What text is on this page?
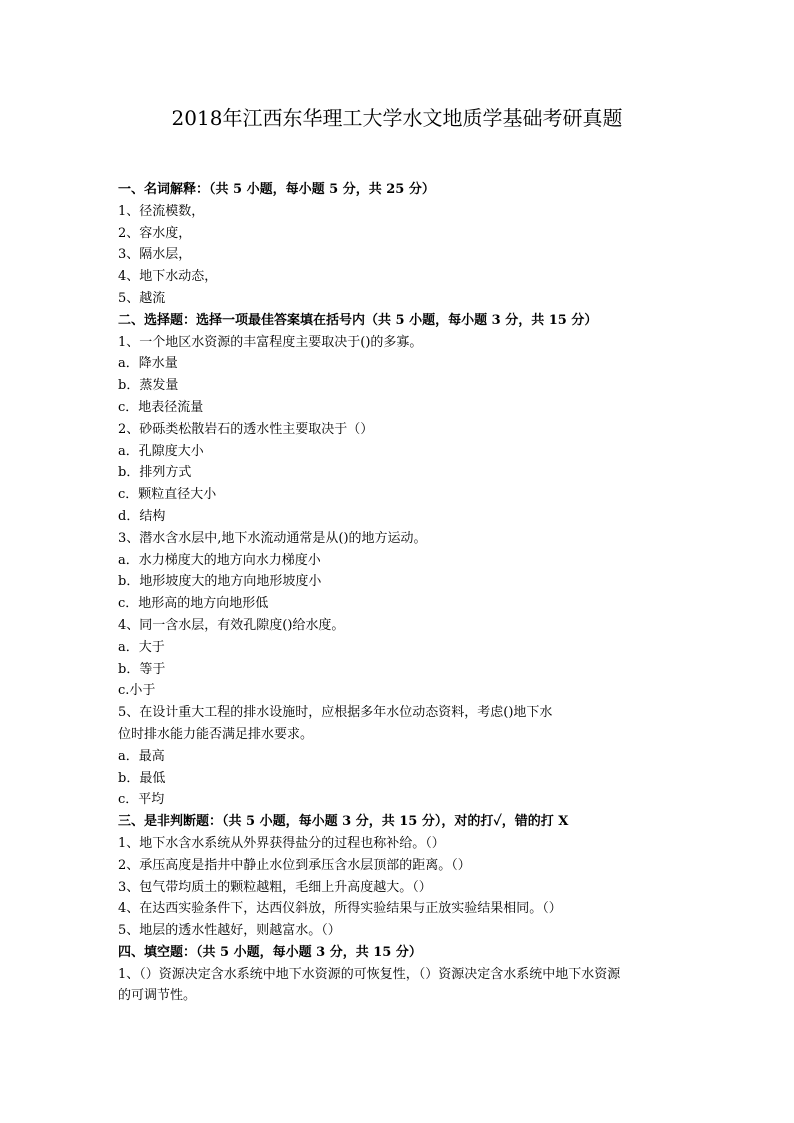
2018年江西东华理工大学水文地质学基础考研真题
一、名词解释：（共 5 小题，每小题 5 分，共 25 分）
1、径流模数，
2、容水度，
3、隔水层，
4、地下水动态，
5、越流
二、选择题：选择一项最佳答案填在括号内（共 5 小题，每小题 3 分，共 15 分）
1、一个地区水资源的丰富程度主要取决于()的多寡。
a．降水量
b．蒸发量
c．地表径流量
2、砂砾类松散岩石的透水性主要取决于（）
a．孔隙度大小
b．排列方式
c．颗粒直径大小
d．结构
3、潜水含水层中,地下水流动通常是从()的地方运动。
a．水力梯度大的地方向水力梯度小
b．地形坡度大的地方向地形坡度小
c．地形高的地方向地形低
4、同一含水层，有效孔隙度()给水度。
a．大于
b．等于
c.小于
5、在设计重大工程的排水设施时，应根据多年水位动态资料，考虑()地下水
位时排水能力能否满足排水要求。
a．最高
b．最低
c．平均
三、是非判断题：（共 5 小题，每小题 3 分，共 15 分），对的打✓，错的打 X
1、地下水含水系统从外界获得盐分的过程也称补给。（）
2、承压高度是指井中静止水位到承压含水层顶部的距离。（）
3、包气带均质土的颗粒越粗，毛细上升高度越大。（）
4、在达西实验条件下，达西仪斜放，所得实验结果与正放实验结果相同。（）
5、地层的透水性越好，则越富水。（）
四、填空题：（共 5 小题，每小题 3 分，共 15 分）
1、（）资源决定含水系统中地下水资源的可恢复性，（）资源决定含水系统中地下水资源
的可调节性。
